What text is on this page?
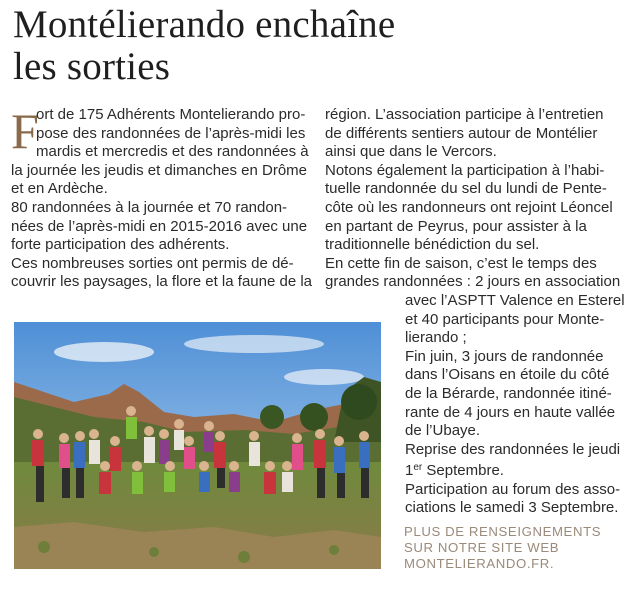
Montélierando enchaîne
les sorties
F
ort de 175 Adhérents Montelierando pro-
pose des randonnées de l’après-midi les
mardis et mercredis et des randonnées à
la journée les jeudis et dimanches en Drôme
et en Ardèche.
80 randonnées à la journée et 70 randon-
nées de l’après-midi en 2015-2016 avec une
forte participation des adhérents.
Ces nombreuses sorties ont permis de dé-
couvrir les paysages, la flore et la faune de la
région. L’association participe à l’entretien
de différents sentiers autour de Montélier
ainsi que dans le Vercors.
Notons également la participation à l’habi-
tuelle randonnée du sel du lundi de Pente-
côte où les randonneurs ont rejoint Léoncel
en partant de Peyrus, pour assister à la
traditionnelle bénédiction du sel.
En cette fin de saison, c’est le temps des
grandes randonnées : 2 jours en association
avec l’ASPTT Valence en Esterel
et 40 participants pour Monte-
lierando ;
Fin juin, 3 jours de randonnée
dans l’Oisans en étoile du côté
de la Bérarde, randonnée itiné-
rante de 4 jours en haute vallée
de l’Ubaye.
Reprise des randonnées le jeudi
1er Septembre.
Participation au forum des asso-
ciations le samedi 3 Septembre.
PLUS DE RENSEIGNEMENTS
SUR NOTRE SITE WEB
MONTELIERANDO.FR.
